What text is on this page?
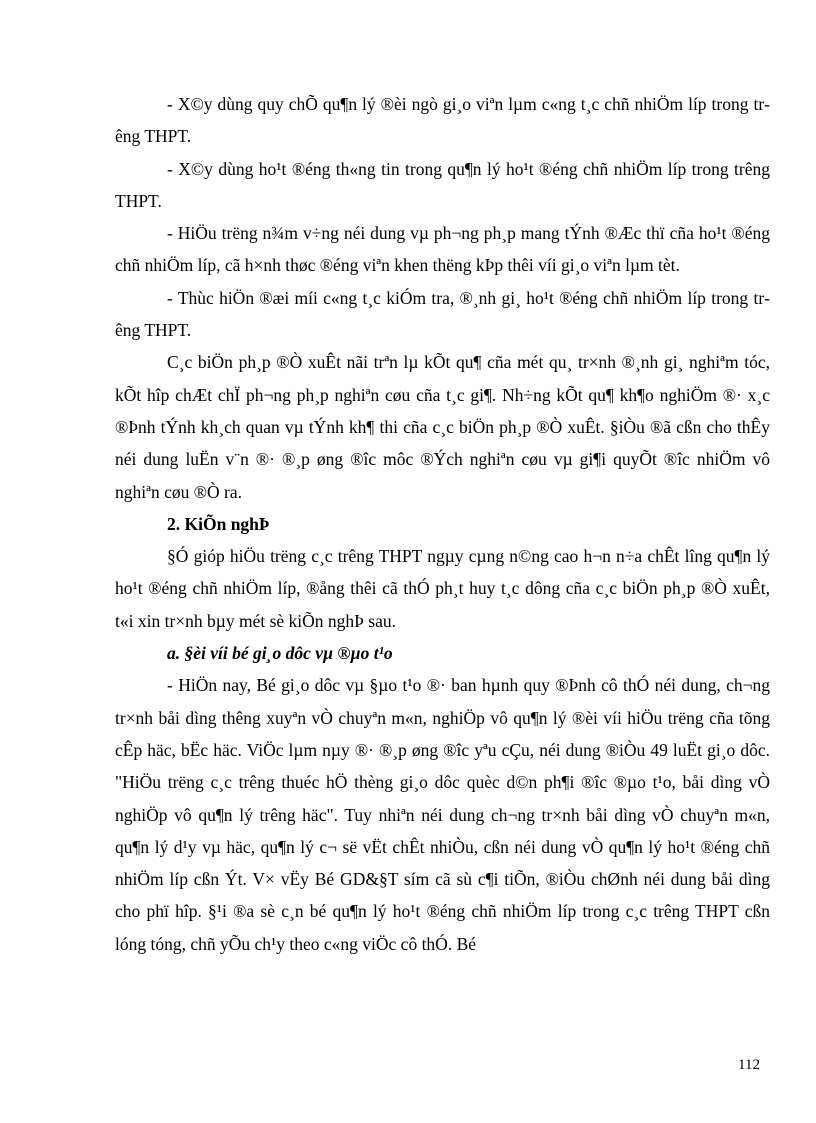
- X©y dùng quy chÕ qu¶n lý ®èi ngò gi¸o viªn lµm c«ng t¸c chñ nhiÖm líp trong trêng THPT.

- X©y dùng ho¹t ®éng th«ng tin trong qu¶n lý ho¹t ®éng chñ nhiÖm líp trong trêng THPT.

- HiÖu trëng n¾m v÷ng néi dung vµ ph¬ng ph¸p mang tÝnh ®Æc thï cña ho¹t ®éng chñ nhiÖm líp, cã h×nh thøc ®éng viªn khen thëng kÞp thêi víi gi¸o viªn lµm tèt.

- Thùc hiÖn ®æi míi c«ng t¸c kiÓm tra, ®¸nh gi¸ ho¹t ®éng chñ nhiÖm líp trong trêng THPT.

C¸c biÖn ph¸p ®Ò xuÊt nãi trªn lµ kÕt qu¶ cña mét qu¸ tr×nh ®¸nh gi¸ nghiªm tóc, kÕt hîp chÆt chÏ ph¬ng ph¸p nghiªn cøu cña t¸c gi¶. Nh÷ng kÕt qu¶ kh¶o nghiÖm ®· x¸c ®Þnh tÝnh kh¸ch quan vµ tÝnh kh¶ thi cña c¸c biÖn ph¸p ®Ò xuÊt. §iÒu ®ã cßn cho thÊy néi dung luËn v¨n ®· ®¸p øng ®îc môc ®Ých nghiªn cøu vµ gi¶i quyÕt ®îc nhiÖm vô nghiªn cøu ®Ò ra.

2. KiÕn nghÞ

§Ó gióp hiÖu trëng c¸c trêng THPT ngµy cµng n©ng cao h¬n n÷a chÊt lîng qu¶n lý ho¹t ®éng chñ nhiÖm líp, ®ång thêi cã thÓ ph¸t huy t¸c dông cña c¸c biÖn ph¸p ®Ò xuÊt, t«i xin tr×nh bµy mét sè kiÕn nghÞ sau.

a. §èi víi bé gi¸o dôc vµ ®µo t¹o

- HiÖn nay, Bé gi¸o dôc vµ §µo t¹o ®· ban hµnh quy ®Þnh cô thÓ néi dung, ch¬ng tr×nh båi dìng thêng xuyªn vÒ chuyªn m«n, nghiÖp vô qu¶n lý ®èi víi hiÖu trëng cña tõng cÊp häc, bËc häc. ViÖc lµm nµy ®· ®¸p øng ®îc yªu cÇu, néi dung ®iÒu 49 luËt gi¸o dôc. "HiÖu trëng c¸c trêng thuéc hÖ thèng gi¸o dôc quèc d©n ph¶i ®îc ®µo t¹o, båi dìng vÒ nghiÖp vô qu¶n lý trêng häc". Tuy nhiªn néi dung ch¬ng tr×nh båi dìng vÒ chuyªn m«n, qu¶n lý d¹y vµ häc, qu¶n lý c¬ së vËt chÊt nhiÒu, cßn néi dung vÒ qu¶n lý ho¹t ®éng chñ nhiÖm líp cßn Ýt. V× vËy Bé GD&§T sím cã sù c¶i tiÕn, ®iÒu chØnh néi dung båi dìng cho phï hîp. §¹i ®a sè c¸n bé qu¶n lý ho¹t ®éng chñ nhiÖm líp trong c¸c trêng THPT cßn lóng tóng, chñ yÕu ch¹y theo c«ng viÖc cô thÓ. Bé

112
